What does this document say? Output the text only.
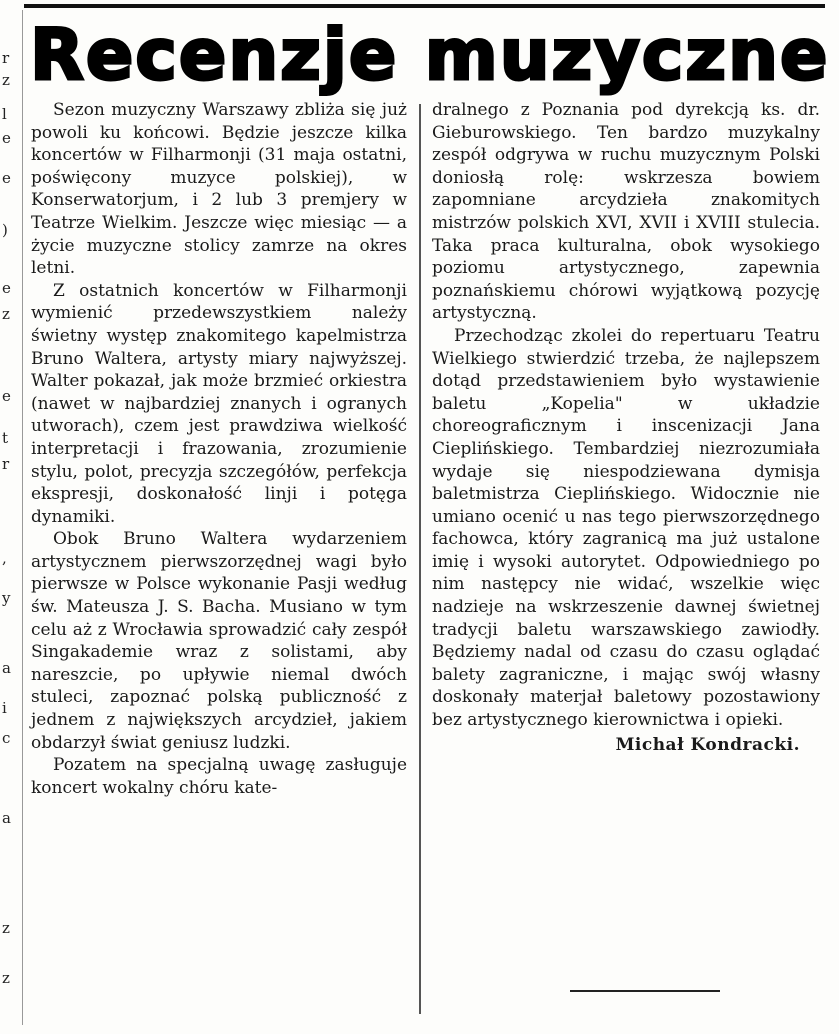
r
z
l
e
e
)
e
z
e
t
r
,
y
a
i
c
a
z
z
Recenzje muzyczne

Sezon muzyczny Warszawy zbliża się już powoli ku końcowi. Będzie jeszcze kilka koncertów w Filharmonji (31 maja ostatni, poświęcony muzyce polskiej), w Konserwatorjum, i 2 lub 3 premjery w Teatrze Wielkim. Jeszcze więc miesiąc — a życie muzyczne stolicy zamrze na okres letni.

Z ostatnich koncertów w Filharmonji wymienić przedewszystkiem należy świetny występ znakomitego kapelmistrza Bruno Waltera, artysty miary najwyższej. Walter pokazał, jak może brzmieć orkiestra (nawet w najbardziej znanych i ogranych utworach), czem jest prawdziwa wielkość interpretacji i frazowania, zrozumienie stylu, polot, precyzja szczegółów, perfekcja ekspresji, doskonałość linji i potęga dynamiki.

Obok Bruno Waltera wydarzeniem artystycznem pierwszorzędnej wagi było pierwsze w Polsce wykonanie Pasji według św. Mateusza J. S. Bacha. Musiano w tym celu aż z Wrocławia sprowadzić cały zespół Singakademie wraz z solistami, aby nareszcie, po upływie niemal dwóch stuleci, zapoznać polską publiczność z jednem z największych arcydzieł, jakiem obdarzył świat geniusz ludzki.

Pozatem na specjalną uwagę zasługuje koncert wokalny chóru kate-

dralnego z Poznania pod dyrekcją ks. dr. Gieburowskiego. Ten bardzo muzykalny zespół odgrywa w ruchu muzycznym Polski doniosłą rolę: wskrzesza bowiem zapomniane arcydzieła znakomitych mistrzów polskich XVI, XVII i XVIII stulecia. Taka praca kulturalna, obok wysokiego poziomu artystycznego, zapewnia poznańskiemu chórowi wyjątkową pozycję artystyczną.

Przechodząc zkolei do repertuaru Teatru Wielkiego stwierdzić trzeba, że najlepszem dotąd przedstawieniem było wystawienie baletu „Kopelia" w układzie choreograficznym i inscenizacji Jana Cieplińskiego. Tembardziej niezrozumiała wydaje się niespodziewana dymisja baletmistrza Cieplińskiego. Widocznie nie umiano ocenić u nas tego pierwszorzędnego fachowca, który zagranicą ma już ustalone imię i wysoki autorytet. Odpowiedniego po nim następcy nie widać, wszelkie więc nadzieje na wskrzeszenie dawnej świetnej tradycji baletu warszawskiego zawiodły. Będziemy nadal od czasu do czasu oglądać balety zagraniczne, i mając swój własny doskonały materjał baletowy pozostawiony bez artystycznego kierownictwa i opieki.

Michał Kondracki.
